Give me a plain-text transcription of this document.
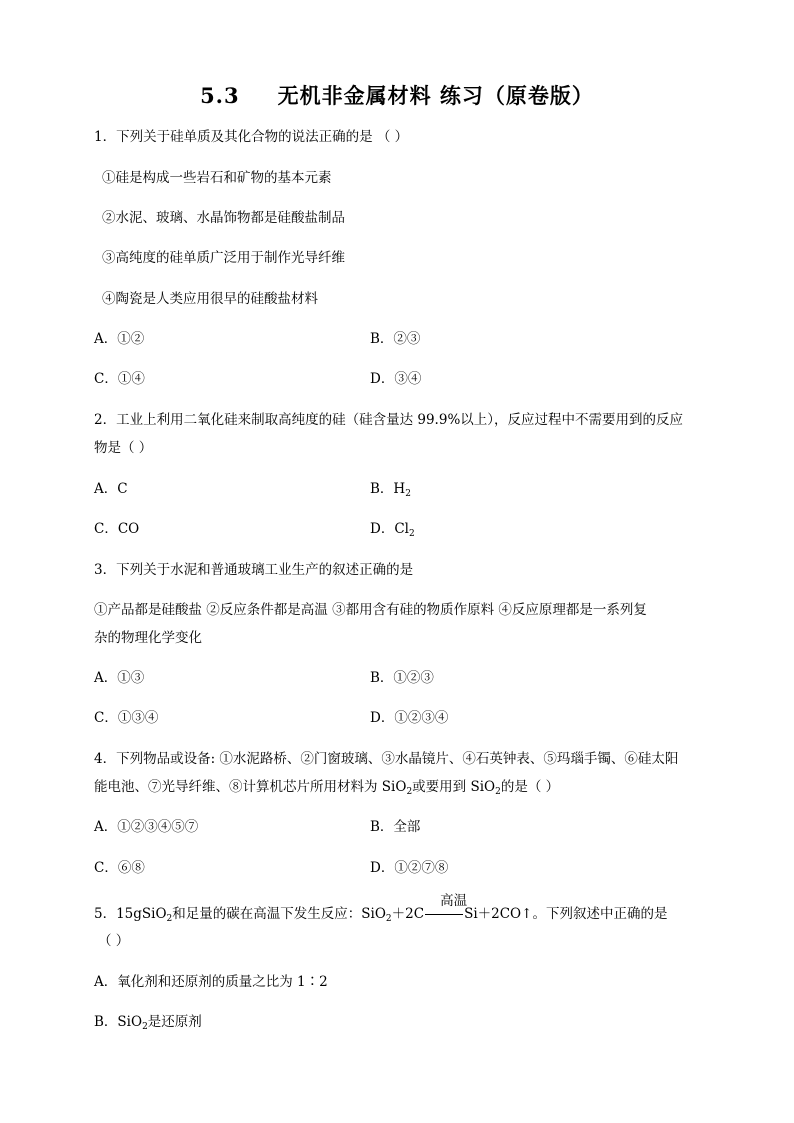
5.3 无机非金属材料 练习（原卷版）
1．下列关于硅单质及其化合物的说法正确的是 （ ）
①硅是构成一些岩石和矿物的基本元素
②水泥、玻璃、水晶饰物都是硅酸盐制品
③高纯度的硅单质广泛用于制作光导纤维
④陶瓷是人类应用很早的硅酸盐材料
A．①②	B．②③
C．①④	D．③④
2．工业上利用二氧化硅来制取高纯度的硅（硅含量达 99.9%以上），反应过程中不需要用到的反应
物是（ ）
A．C	B．$H_2$
C．CO	D．$Cl_2$
3．下列关于水泥和普通玻璃工业生产的叙述正确的是
①产品都是硅酸盐 ②反应条件都是高温 ③都用含有硅的物质作原料 ④反应原理都是一系列复
杂的物理化学变化
A．①③	B．①②③
C．①③④	D．①②③④
4．下列物品或设备: ①水泥路桥、②门窗玻璃、③水晶镜片、④石英钟表、⑤玛瑙手镯、⑥硅太阳
能电池、⑦光导纤维、⑧计算机芯片所用材料为 SiO$_2$或要用到 SiO$_2$的是（ ）
A．①②③④⑤⑦	B．全部
C．⑥⑧	D．①②⑦⑧
5．15gSiO$_2$和足量的碳在高温下发生反应：SiO$_2$＋2C
高温
Si＋2CO↑。下列叙述中正确的是
（ ）
A．氧化剂和还原剂的质量之比为 1∶2
B．SiO$_2$是还原剂
